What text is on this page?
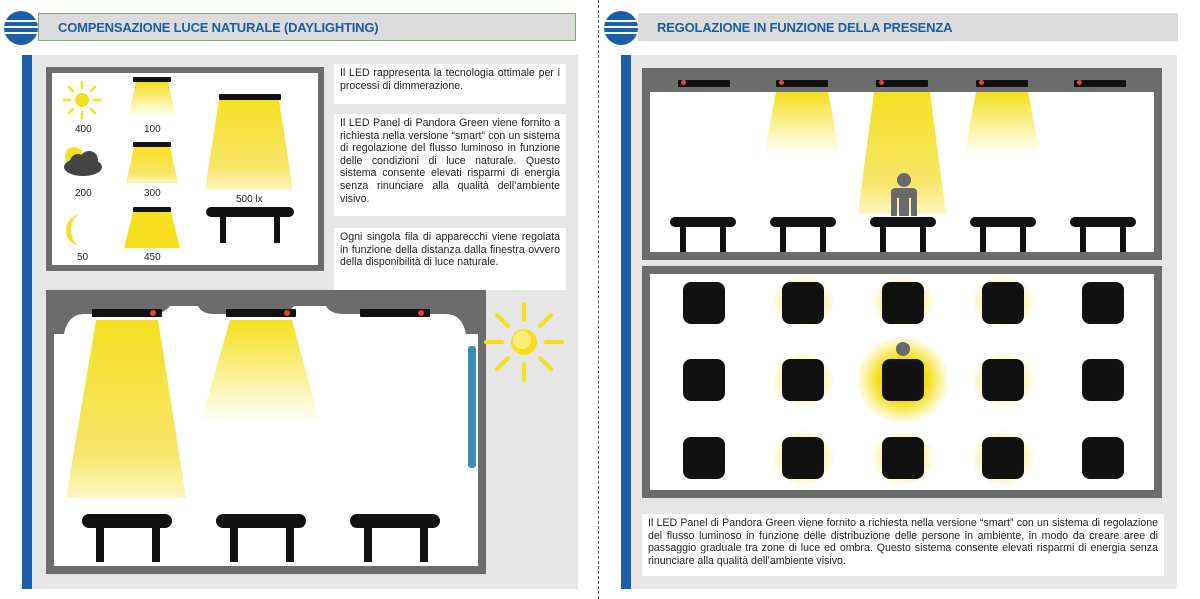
COMPENSAZIONE LUCE NATURALE (DAYLIGHTING)
400	100
200	300
500 lx
50	450
Il LED rappresenta la tecnologia ottimale per i processi di dimmerazione.
Il LED Panel di Pandora Green viene fornito a richiesta nella versione “smart” con un sistema di regolazione del flusso luminoso in funzione delle condizioni di luce naturale. Questo sistema consente elevati risparmi di energia senza rinunciare alla qualità dell’ambiente visivo.
Ogni singola fila di apparecchi viene regolata in funzione della distanza dalla finestra ovvero della disponibilità di luce naturale.
REGOLAZIONE IN FUNZIONE DELLA PRESENZA
Il LED Panel di Pandora Green viene fornito a richiesta nella versione “smart” con un sistema di regolazione del flusso luminoso in funzione delle distribuzione delle persone in ambiente, in modo da creare aree di passaggio graduale tra zone di luce ed ombra. Questo sistema consente elevati risparmi di energia senza rinunciare alla qualità dell’ambiente visivo.
